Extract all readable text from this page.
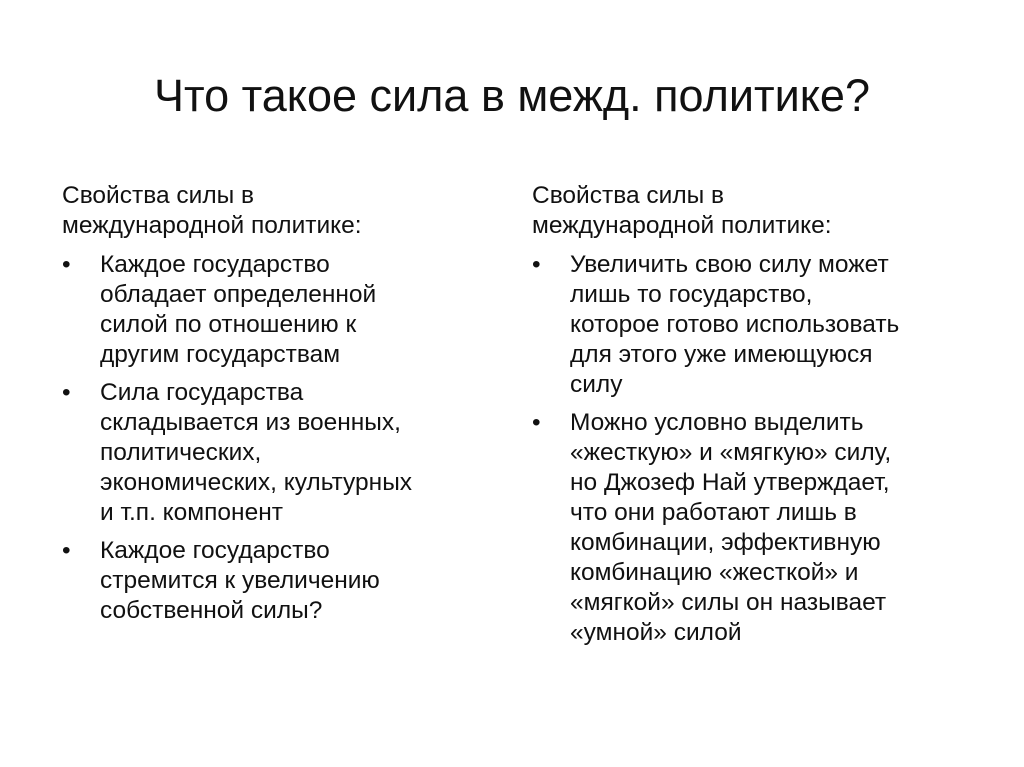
Что такое сила в межд. политике?
Свойства силы в
международной политике:
• Каждое государство
обладает определенной
силой по отношению к
другим государствам
• Сила государства
складывается из военных,
политических,
экономических, культурных
и т.п. компонент
• Каждое государство
стремится к увеличению
собственной силы?
Свойства силы в
международной политике:
• Увеличить свою силу может
лишь то государство,
которое готово использовать
для этого уже имеющуюся
силу
• Можно условно выделить
«жесткую» и «мягкую» силу,
но Джозеф Най утверждает,
что они работают лишь в
комбинации, эффективную
комбинацию «жесткой» и
«мягкой» силы он называет
«умной» силой
